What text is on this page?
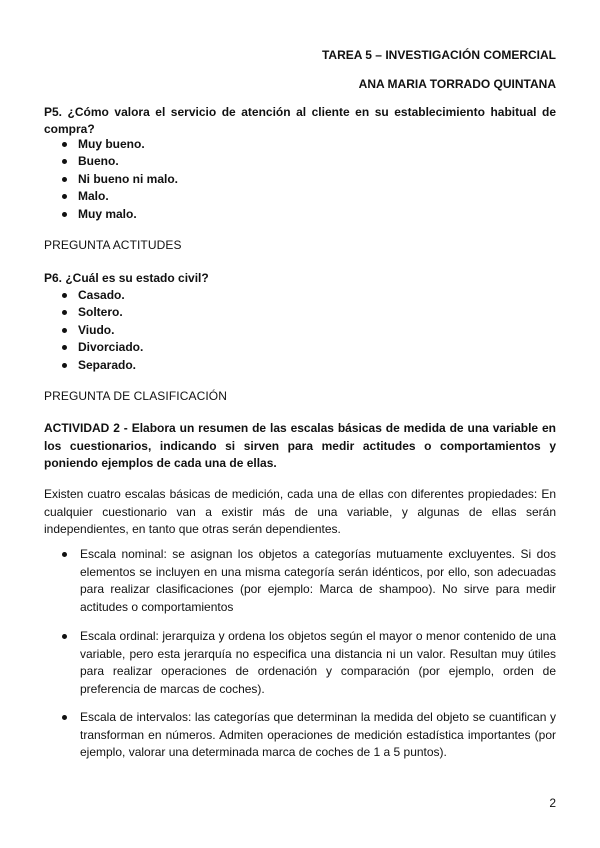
TAREA 5 – INVESTIGACIÓN COMERCIAL
ANA MARIA TORRADO QUINTANA
P5. ¿Cómo valora el servicio de atención al cliente en su establecimiento habitual de compra?
Muy bueno.
Bueno.
Ni bueno ni malo.
Malo.
Muy malo.
PREGUNTA ACTITUDES
P6. ¿Cuál es su estado civil?
Casado.
Soltero.
Viudo.
Divorciado.
Separado.
PREGUNTA DE CLASIFICACIÓN
ACTIVIDAD 2 - Elabora un resumen de las escalas básicas de medida de una variable en los cuestionarios, indicando si sirven para medir actitudes o comportamientos y poniendo ejemplos de cada una de ellas.
Existen cuatro escalas básicas de medición, cada una de ellas con diferentes propiedades: En cualquier cuestionario van a existir más de una variable, y algunas de ellas serán independientes, en tanto que otras serán dependientes.
Escala nominal: se asignan los objetos a categorías mutuamente excluyentes. Si dos elementos se incluyen en una misma categoría serán idénticos, por ello, son adecuadas para realizar clasificaciones (por ejemplo: Marca de shampoo). No sirve para medir actitudes o comportamientos
Escala ordinal: jerarquiza y ordena los objetos según el mayor o menor contenido de una variable, pero esta jerarquía no especifica una distancia ni un valor. Resultan muy útiles para realizar operaciones de ordenación y comparación (por ejemplo, orden de preferencia de marcas de coches).
Escala de intervalos: las categorías que determinan la medida del objeto se cuantifican y transforman en números. Admiten operaciones de medición estadística importantes (por ejemplo, valorar una determinada marca de coches de 1 a 5 puntos).
2
